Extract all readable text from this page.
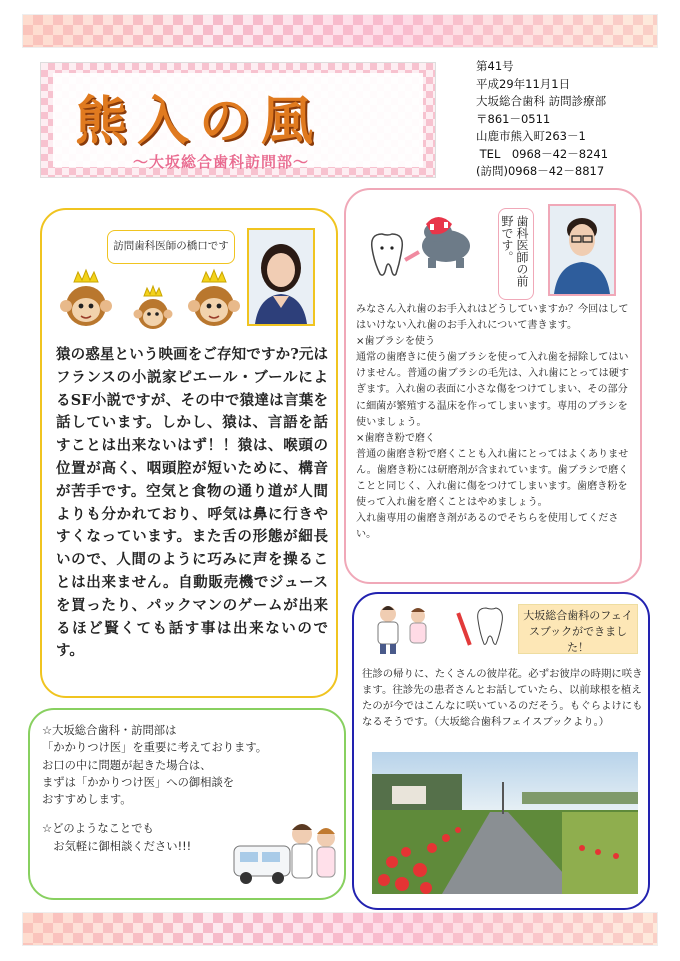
熊入の風
～大坂総合歯科訪問部～
第41号
平成29年11月1日
大坂総合歯科 訪問診療部
〒861－0511
山鹿市熊入町263－1
TEL　0968－42－8241
(訪問)0968－42－8817
訪問歯科医師の橋口です
猿の惑星という映画をご存知ですか?元はフランスの小説家ピエール・ブールによるSF小説ですが、その中で猿達は言葉を話しています。しかし、猿は、言語を話すことは出来ないはず！！猿は、喉頭の位置が高く、咽頭腔が短いために、構音が苦手です。空気と食物の通り道が人間よりも分かれており、呼気は鼻に行きやすくなっています。また舌の形態が細長いので、人間のように巧みに声を操ることは出来ません。自動販売機でジュースを買ったり、パックマンのゲームが出来るほど賢くても話す事は出来ないのです。
歯科医師の前野です。

みなさん入れ歯のお手入れはどうしていますか？今回はしてはいけない入れ歯のお手入れについて書きます。

×歯ブラシを使う

通常の歯磨きに使う歯ブラシを使って入れ歯を掃除してはいけません。普通の歯ブラシの毛先は、入れ歯にとっては硬すぎます。入れ歯の表面に小さな傷をつけてしまい、その部分に細菌が繁殖する温床を作ってしまいます。専用のブラシを使いましょう。

×歯磨き粉で磨く

普通の歯磨き粉で磨くことも入れ歯にとってはよくありません。歯磨き粉には研磨剤が含まれています。歯ブラシで磨くことと同じく、入れ歯に傷をつけてしまいます。歯磨き粉を使って入れ歯を磨くことはやめましょう。

入れ歯専用の歯磨き剤があるのでそちらを使用してください。

大坂総合歯科のフェイスブックができました！
往診の帰りに、たくさんの彼岸花。必ずお彼岸の時期に咲きます。往診先の患者さんとお話していたら、以前球根を植えたのが今ではこんなに咲いているのだそう。もぐらよけにもなるそうです。（大坂総合歯科フェイスブックより。）

☆大坂総合歯科・訪問部は

「かかりつけ医」を重要に考えております。

お口の中に問題が起きた場合は、

まずは「かかりつけ医」への御相談を

おすすめします。

☆どのようなことでも

　お気軽に御相談ください!!!
